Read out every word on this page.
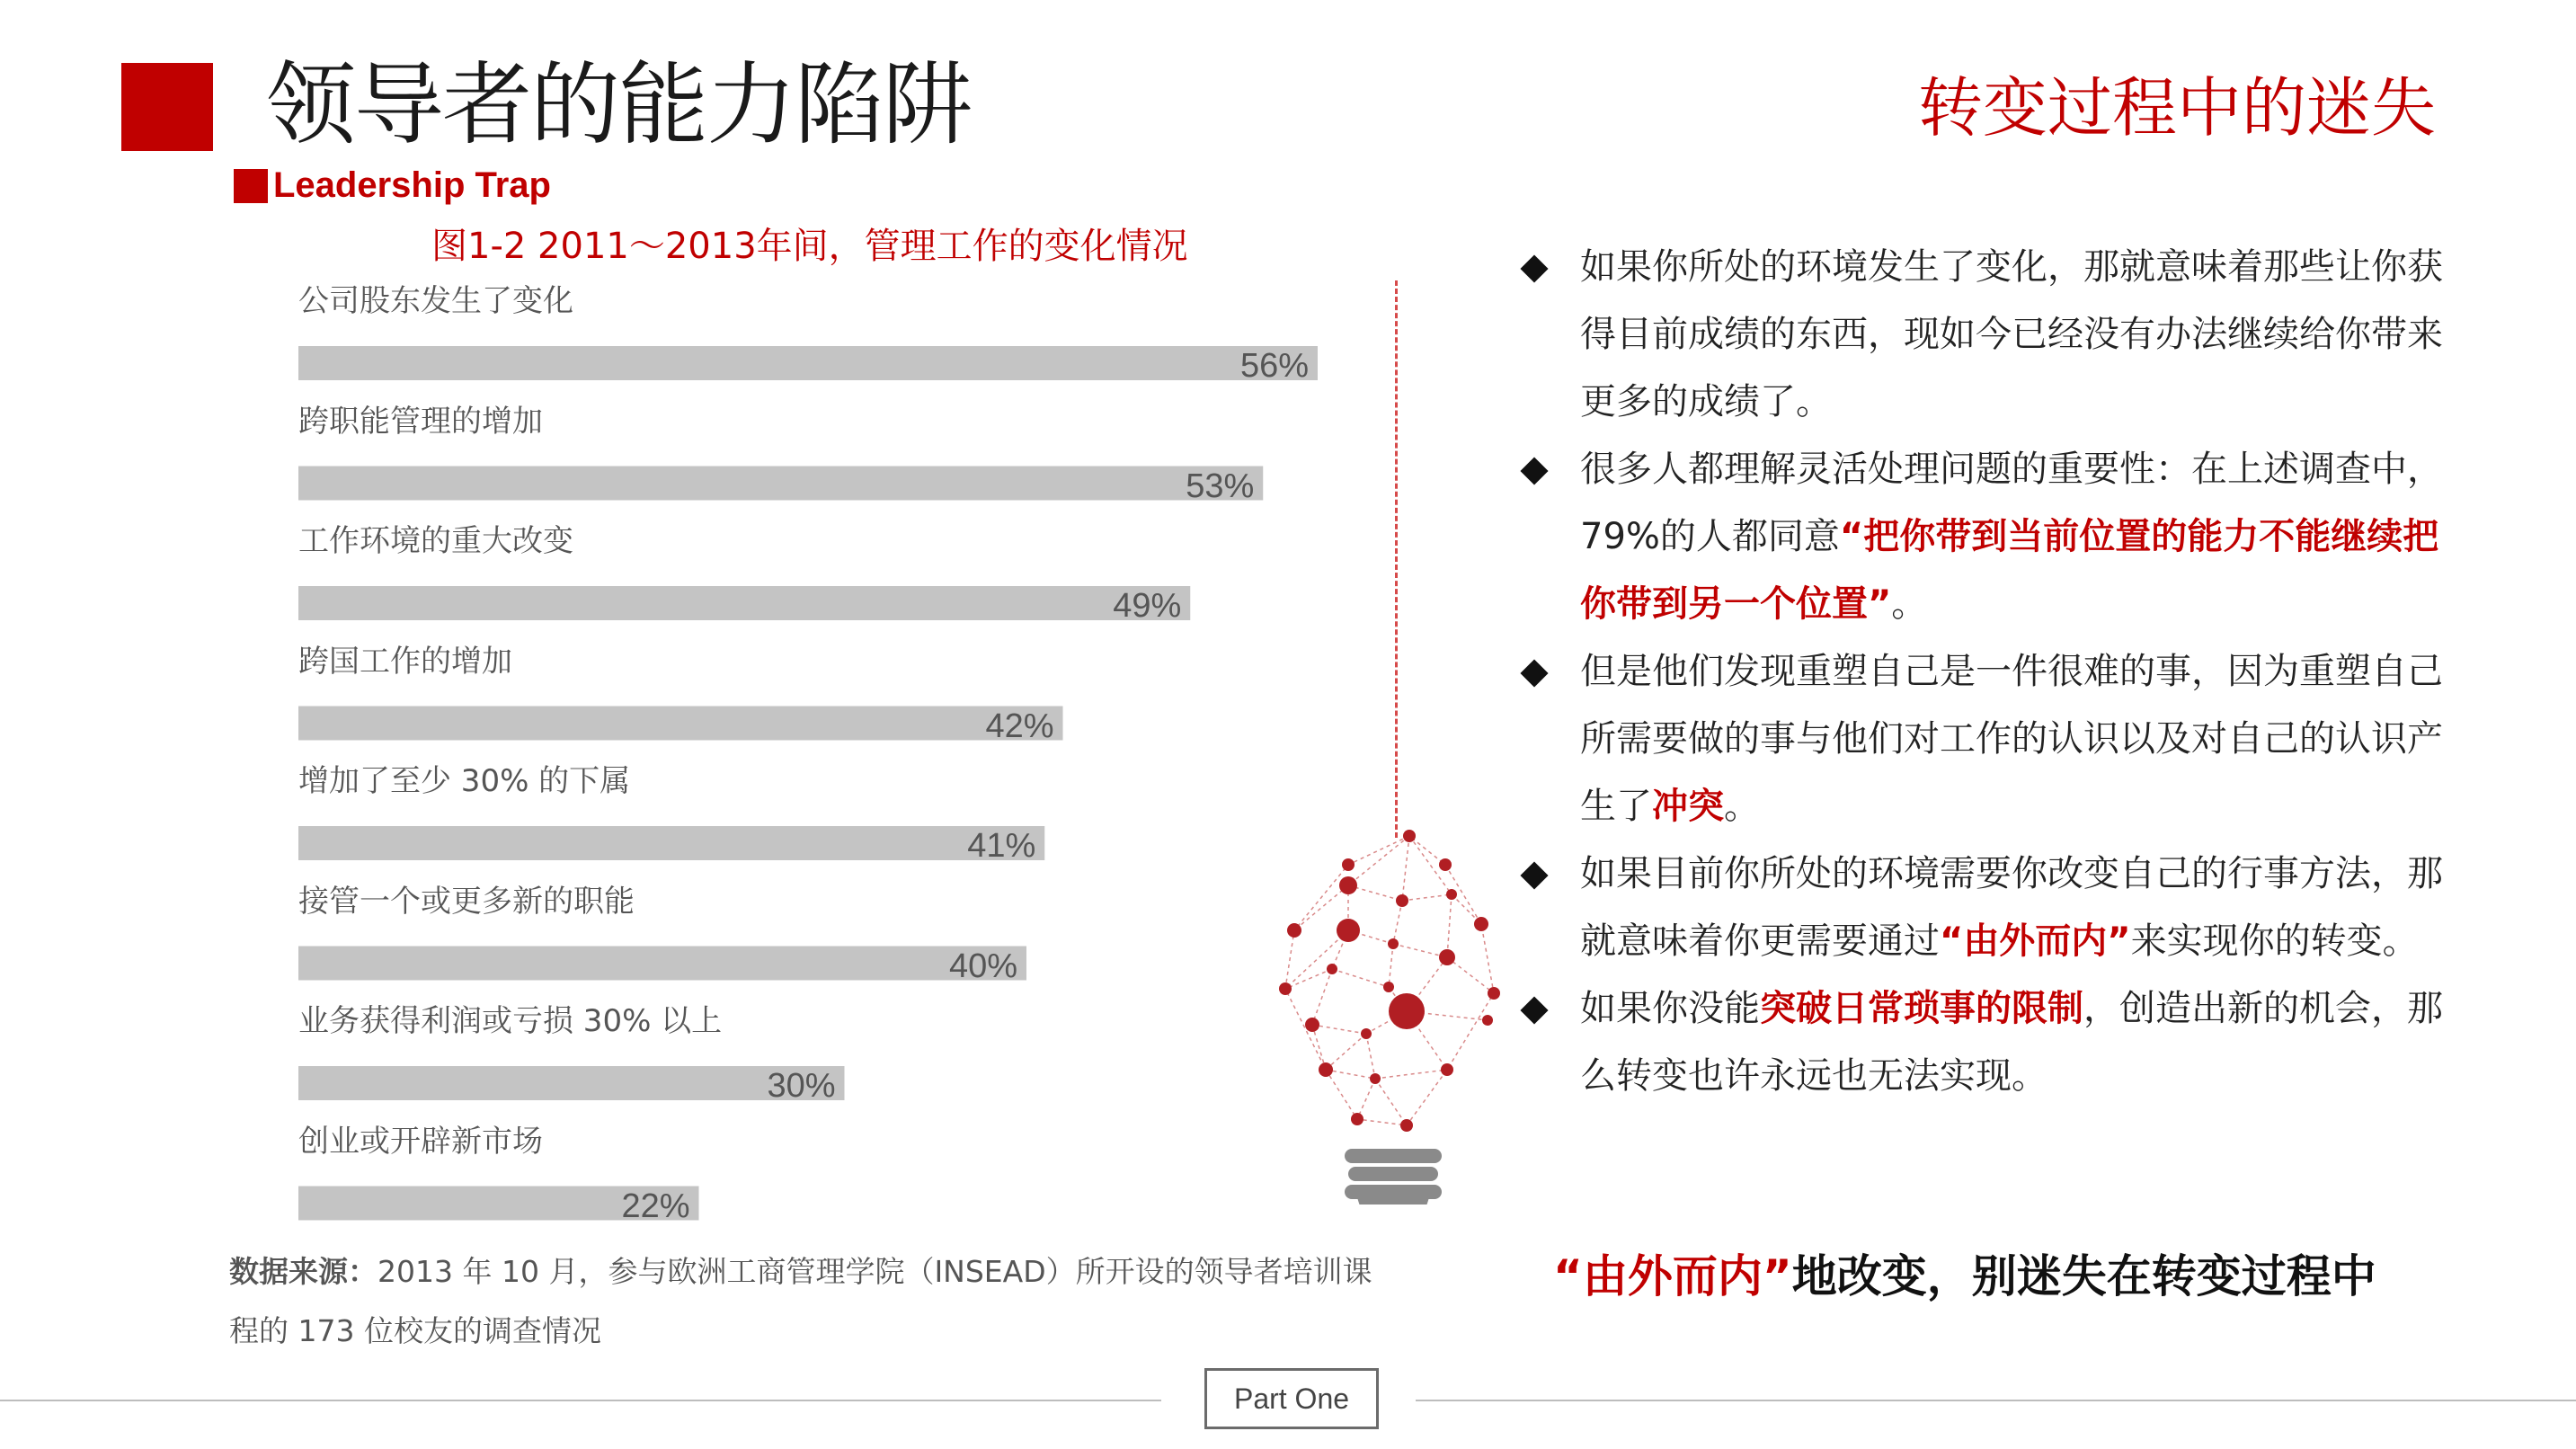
领导者的能力陷阱
Leadership Trap
转变过程中的迷失
图1-2 2011～2013年间，管理工作的变化情况
公司股东发生了变化
56%
跨职能管理的增加
53%
工作环境的重大改变
49%
跨国工作的增加
42%
增加了至少 30% 的下属
41%
接管一个或更多新的职能
40%
业务获得利润或亏损 30% 以上
30%
创业或开辟新市场
22%
数据来源：2013 年 10 月，参与欧洲工商管理学院（INSEAD）所开设的领导者培训课程的 173 位校友的调查情况
如果你所处的环境发生了变化，那就意味着那些让你获得目前成绩的东西，现如今已经没有办法继续给你带来更多的成绩了。
很多人都理解灵活处理问题的重要性：在上述调查中，79%的人都同意“把你带到当前位置的能力不能继续把你带到另一个位置”。
但是他们发现重塑自己是一件很难的事，因为重塑自己所需要做的事与他们对工作的认识以及对自己的认识产生了冲突。
如果目前你所处的环境需要你改变自己的行事方法，那就意味着你更需要通过“由外而内”来实现你的转变。
如果你没能突破日常琐事的限制，创造出新的机会，那么转变也许永远也无法实现。
“由外而内”地改变，别迷失在转变过程中
Part One
